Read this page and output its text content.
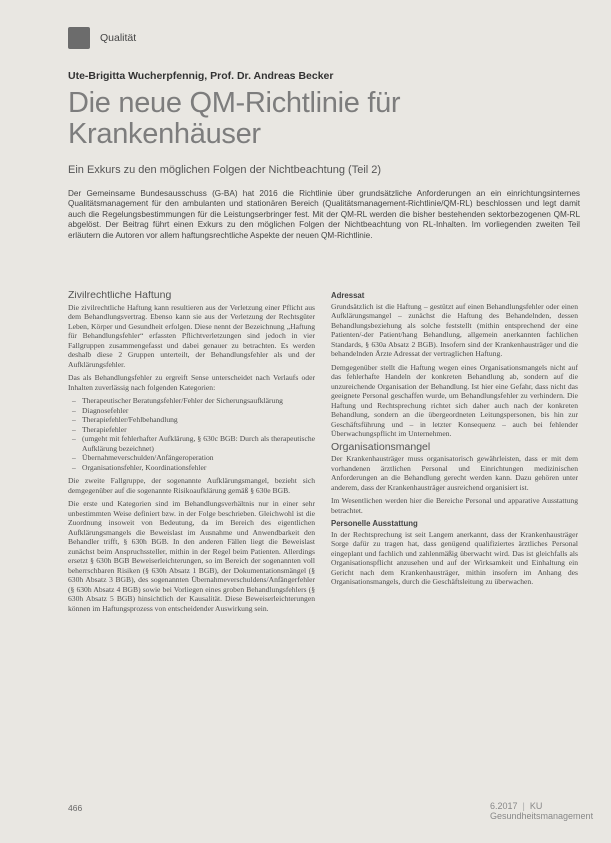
Qualität
Ute-Brigitta Wucherpfennig, Prof. Dr. Andreas Becker
Die neue QM-Richtlinie für Krankenhäuser
Ein Exkurs zu den möglichen Folgen der Nichtbeachtung (Teil 2)
Der Gemeinsame Bundesausschuss (G-BA) hat 2016 die Richtlinie über grundsätzliche Anforderungen an ein einrichtungsinternes Qualitätsmanagement für den ambulanten und stationären Bereich (Qualitätsmanagement-Richtlinie/QM-RL) beschlossen und legt damit auch die Regelungsbestimmungen für die Leistungserbringer fest. Mit der QM-RL werden die bisher bestehenden sektorbezogenen QM-RL abgelöst. Der Beitrag führt einen Exkurs zu den möglichen Folgen der Nichtbeachtung von RL-Inhalten. Im vorliegenden zweiten Teil erläutern die Autoren vor allem haftungsrechtliche Aspekte der neuen QM-Richtlinie.
Zivilrechtliche Haftung

Die zivilrechtliche Haftung kann resultieren aus der Verletzung einer Pflicht aus dem Behandlungsvertrag. Ebenso kann sie aus der Verletzung der Rechtsgüter Leben, Körper und Gesundheit erfolgen. Diese nennt der Bezeichnung „Haftung für Behandlungsfehler“ erfassten Pflichtverletzungen sind jedoch in vier Fallgruppen zusammengefasst und dabei genauer zu betrachten. Es werden deshalb diese 2 Gruppen unterteilt, der Behandlungsfehler als und der Aufklärungsfehler.

Das als Behandlungsfehler zu ergreift Sense unterscheidet nach Verlaufs oder Inhalten zuverlässig nach folgenden Kategorien:

– Therapeutischer Beratungsfehler/Fehler der Sicherungsaufklärung
– Diagnosefehler
– Therapiefehler/Fehlbehandlung
– Therapiefehler
– (umgeht mit fehlerhafter Aufklärung, § 630c BGB: Durch als therapeutische Aufklärung bezeichnet)
– Übernahmeverschulden/Anfängeroperation
– Organisationsfehler, Koordinationsfehler

Die zweite Fallgruppe, der sogenannte Aufklärungsmangel, bezieht sich demgegenüber auf die sogenannte Risikoaufklärung gemäß § 630e BGB.

Die erste und Kategorien sind im Behandlungsverhältnis nur in einer sehr unbestimmten Weise definiert bzw. in der Folge beschrieben. Gleichwohl ist die Zuordnung insoweit von Bedeutung, da im Bereich des eigentlichen Aufklärungsmangels die Beweislast im Ausnahme und Anwendbarkeit den Behandler trifft, § 630h BGB. In den anderen Fällen liegt die Beweislast zunächst beim Anspruchssteller, mithin in der Regel beim Patienten. Allerdings ersetzt § 630h BGB Beweiserleichterungen, so im Bereich der sogenannten voll beherrschbaren Risiken (§ 630h Absatz 1 BGB), der Dokumentationsmängel (§ 630h Absatz 3 BGB), des sogenannten Übernahmeverschuldens/Anfängerfehler (§ 630h Absatz 4 BGB) sowie bei Vorliegen eines groben Behandlungsfehlers (§ 630h Absatz 5 BGB) hinsichtlich der Kausalität. Diese Beweiserleichterungen können im Haftungsprozess von entscheidender Auswirkung sein.

Adressat

Grundsätzlich ist die Haftung – gestützt auf einen Behandlungsfehler oder einen Aufklärungsmangel – zunächst die Haftung des Behandelnden, dessen Behandlungsbeziehung als solche feststellt (mithin entsprechend der eine Patienten/-der Patient/hang Behandlung, allgemein anerkannten fachlichen Standards, § 630a Absatz 2 BGB). Insofern sind der Krankenhausträger und die behandelnden Ärzte Adressat der vertraglichen Haftung.

Demgegenüber stellt die Haftung wegen eines Organisationsmangels nicht auf das fehlerhafte Handeln der konkreten Behandlung ab, sondern auf die unzureichende Organisation der Behandlung. Ist hier eine Gefahr, dass nicht das geeignete Personal geschaffen wurde, um Behandlungsfehler zu verhindern. Die Haftung und Rechtsprechung richtet sich daher auch nach der konkreten Behandlung, sondern an die übergeordneten Leitungspersonen, bis hin zur Geschäftsführung und – in letzter Konsequenz – auch bei fehlender Überwachungspflicht im Unternehmen.

Organisationsmangel

Der Krankenhausträger muss organisatorisch gewährleisten, dass er mit dem vorhandenen ärztlichen Personal und Einrichtungen medizinischen Anforderungen an die Behandlung gerecht werden kann. Dazu gehören unter anderem, dass der Krankenhausträger ausreichend organisiert ist.

Im Wesentlichen werden hier die Bereiche Personal und apparative Ausstattung betrachtet.

Personelle Ausstattung

In der Rechtsprechung ist seit Langem anerkannt, dass der Krankenhausträger Sorge dafür zu tragen hat, dass genügend qualifiziertes ärztliches Personal eingeplant und fachlich und zahlenmäßig überwacht wird. Das ist gleichfalls als Organisationspflicht anzusehen und auf der Wirksamkeit und Einhaltung ein Gericht nach dem Krankenhausträger, mithin insofern im Anhang des Organisationsmangels, durch die Geschäftsleitung zu überwachen.

466	6.2017 | KU Gesundheitsmanagement
